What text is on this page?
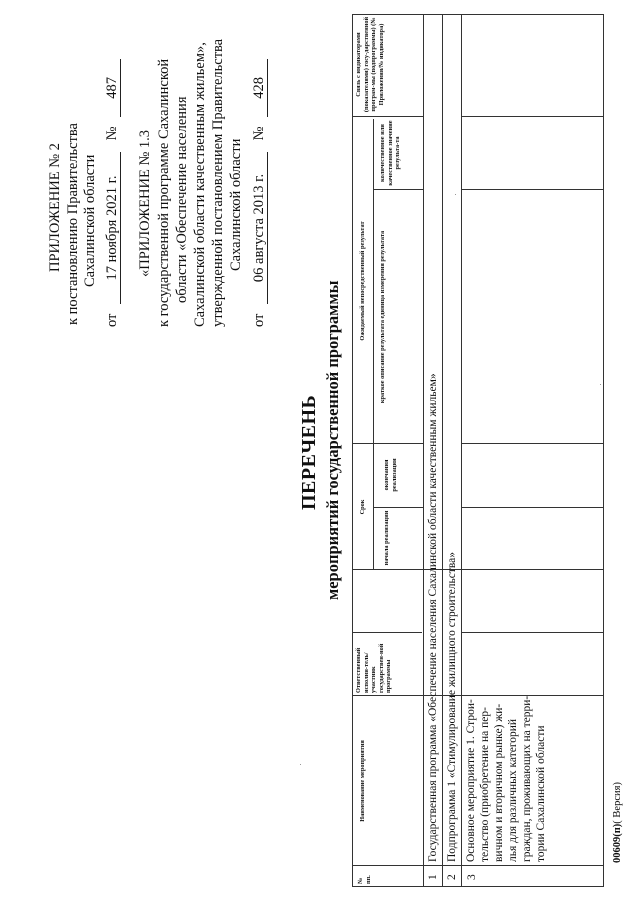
ПРИЛОЖЕНИЕ № 2 к постановлению Правительства Сахалинской области
от 17 ноября 2021 г. № 487
«ПРИЛОЖЕНИЕ № 1.3 к государственной программе Сахалинской области «Обеспечение населения Сахалинской области качественным жильем», утвержденной постановлением Правительства Сахалинской области
от 06 августа 2013 г. № 428
ПЕРЕЧЕНЬ мероприятий государственной программы
№ пп.
Наименование мероприятия
Ответственный исполни-тель/участник государствен-ной программы
Срок
начала реализации
окончания реализации
Ожидаемый непосредственный результат краткое описание результата единица измерения результата
количественное или качественное значение результа-та
Связь с индикаторами (показателями) госу-дарственной програм-мы (подпрограммы) (№ Приложения/№ индикатора)
1
Государственная программа «Обеспечение населения Сахалинской области качественным жильем»
2
Подпрограмма 1 «Стимулирование жилищного строительства»
3
Основное мероприятие 1. Строи- тельство (приобретение на пер- вичном и вторичном рынке) жи- лья для различных категорий граждан, проживающих на терри- тории Сахалинской области	00609(п)( Версия)
